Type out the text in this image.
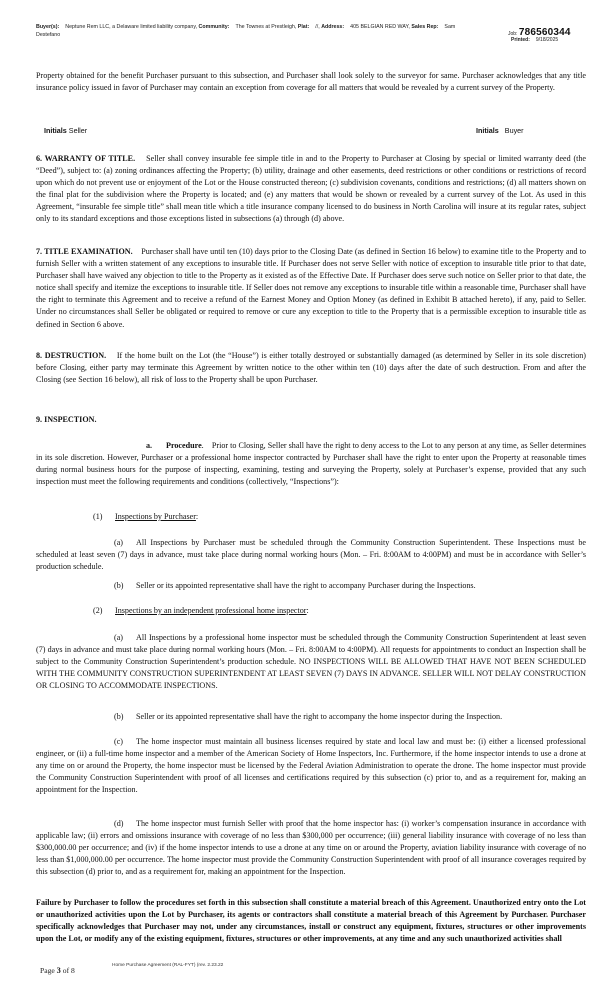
Buyer(s): Neptune Rem LLC, a Delaware limited liability company, Community: The Townes at Prestleigh, Plat: //, Address: 405 BELGIAN RED WAY, Sales Rep: Sam Destefano	Job: 786560344
Printed: 9/18/2025

Property obtained for the benefit Purchaser pursuant to this subsection, and Purchaser shall look solely to the surveyor for same. Purchaser acknowledges that any title insurance policy issued in favor of Purchaser may contain an exception from coverage for all matters that would be revealed by a current survey of the Property.

Initials Seller	Initials Buyer

6. WARRANTY OF TITLE. Seller shall convey insurable fee simple title in and to the Property to Purchaser at Closing by special or limited warranty deed (the “Deed”), subject to: (a) zoning ordinances affecting the Property; (b) utility, drainage and other easements, deed restrictions or other conditions or restrictions of record upon which do not prevent use or enjoyment of the Lot or the House constructed thereon; (c) subdivision covenants, conditions and restrictions; (d) all matters shown on the final plat for the subdivision where the Property is located; and (e) any matters that would be shown or revealed by a current survey of the Lot. As used in this Agreement, “insurable fee simple title” shall mean title which a title insurance company licensed to do business in North Carolina will insure at its regular rates, subject only to its standard exceptions and those exceptions listed in subsections (a) through (d) above.

7. TITLE EXAMINATION. Purchaser shall have until ten (10) days prior to the Closing Date (as defined in Section 16 below) to examine title to the Property and to furnish Seller with a written statement of any exceptions to insurable title. If Purchaser does not serve Seller with notice of exception to insurable title prior to that date, Purchaser shall have waived any objection to title to the Property as it existed as of the Effective Date. If Purchaser does serve such notice on Seller prior to that date, the notice shall specify and itemize the exceptions to insurable title. If Seller does not remove any exceptions to insurable title within a reasonable time, Purchaser shall have the right to terminate this Agreement and to receive a refund of the Earnest Money and Option Money (as defined in Exhibit B attached hereto), if any, paid to Seller. Under no circumstances shall Seller be obligated or required to remove or cure any exception to title to the Property that is a permissible exception to insurable title as defined in Section 6 above.

8. DESTRUCTION. If the home built on the Lot (the “House”) is either totally destroyed or substantially damaged (as determined by Seller in its sole discretion) before Closing, either party may terminate this Agreement by written notice to the other within ten (10) days after the date of such destruction. From and after the Closing (see Section 16 below), all risk of loss to the Property shall be upon Purchaser.

9. INSPECTION.

a. Procedure.    Prior to Closing, Seller shall have the right to deny access to the Lot to any person at any time, as Seller determines in its sole discretion. However, Purchaser or a professional home inspector contracted by Purchaser shall have the right to enter upon the Property at reasonable times during normal business hours for the purpose of inspecting, examining, testing and surveying the Property, solely at Purchaser’s expense, provided that any such inspection must meet the following requirements and conditions (collectively, “Inspections”):

(1) Inspections by Purchaser:

(a) All Inspections by Purchaser must be scheduled through the Community Construction Superintendent. These Inspections must be scheduled at least seven (7) days in advance, must take place during normal working hours (Mon. – Fri. 8:00AM to 4:00PM) and must be in accordance with Seller’s production schedule.

(b) Seller or its appointed representative shall have the right to accompany Purchaser during the Inspections.

(2) Inspections by an independent professional home inspector:

(a) All Inspections by a professional home inspector must be scheduled through the Community Construction Superintendent at least seven (7) days in advance and must take place during normal working hours (Mon. – Fri. 8:00AM to 4:00PM). All requests for appointments to conduct an Inspection shall be subject to the Community Construction Superintendent’s production schedule. NO INSPECTIONS WILL BE ALLOWED THAT HAVE NOT BEEN SCHEDULED WITH THE COMMUNITY CONSTRUCTION SUPERINTENDENT AT LEAST SEVEN (7) DAYS IN ADVANCE. SELLER WILL NOT DELAY CONSTRUCTION OR CLOSING TO ACCOMMODATE INSPECTIONS.

(b) Seller or its appointed representative shall have the right to accompany the home inspector during the Inspection.

(c) The home inspector must maintain all business licenses required by state and local law and must be: (i) either a licensed professional engineer, or (ii) a full-time home inspector and a member of the American Society of Home Inspectors, Inc. Furthermore, if the home inspector intends to use a drone at any time on or around the Property, the home inspector must be licensed by the Federal Aviation Administration to operate the drone. The home inspector must provide the Community Construction Superintendent with proof of all licenses and certifications required by this subsection (c) prior to, and as a requirement for, making an appointment for the Inspection.

(d) The home inspector must furnish Seller with proof that the home inspector has: (i) worker’s compensation insurance in accordance with applicable law; (ii) errors and omissions insurance with coverage of no less than $300,000 per occurrence; (iii) general liability insurance with coverage of no less than $300,000.00 per occurrence; and (iv) if the home inspector intends to use a drone at any time on or around the Property, aviation liability insurance with coverage of no less than $1,000,000.00 per occurrence. The home inspector must provide the Community Construction Superintendent with proof of all insurance coverages required by this subsection (d) prior to, and as a requirement for, making an appointment for the Inspection.

Failure by Purchaser to follow the procedures set forth in this subsection shall constitute a material breach of this Agreement. Unauthorized entry onto the Lot or unauthorized activities upon the Lot by Purchaser, its agents or contractors shall constitute a material breach of this Agreement by Purchaser. Purchaser specifically acknowledges that Purchaser may not, under any circumstances, install or construct any equipment, fixtures, structures or other improvements upon the Lot, or modify any of the existing equipment, fixtures, structures or other improvements, at any time and any such unauthorized activities shall

Page 3 of 8
Home Purchase Agreement (RAL-FYT) (rev. 2.23.22
